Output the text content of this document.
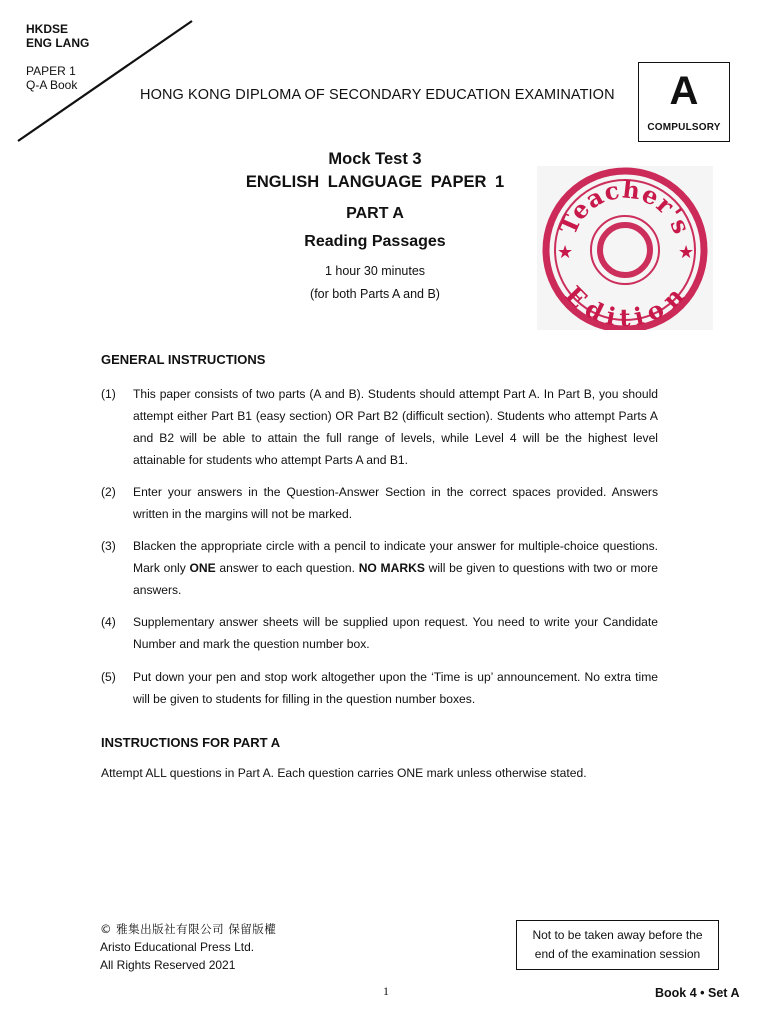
HKDSE
ENG LANG
PAPER 1
Q-A Book
HONG KONG DIPLOMA OF SECONDARY EDUCATION EXAMINATION	A
COMPULSORY
Mock Test 3
ENGLISH LANGUAGE PAPER 1
PART A
Reading Passages
1 hour 30 minutes
(for both Parts A and B)
Teacher's
Edition
★	★
GENERAL INSTRUCTIONS
(1) This paper consists of two parts (A and B). Students should attempt Part A. In Part B, you should attempt either Part B1 (easy section) OR Part B2 (difficult section). Students who attempt Parts A and B2 will be able to attain the full range of levels, while Level 4 will be the highest level attainable for students who attempt Parts A and B1.
(2) Enter your answers in the Question-Answer Section in the correct spaces provided. Answers written in the margins will not be marked.
(3) Blacken the appropriate circle with a pencil to indicate your answer for multiple-choice questions. Mark only ONE answer to each question. NO MARKS will be given to questions with two or more answers.
(4) Supplementary answer sheets will be supplied upon request. You need to write your Candidate Number and mark the question number box.
(5) Put down your pen and stop work altogether upon the ‘Time is up’ announcement. No extra time will be given to students for filling in the question number boxes.
INSTRUCTIONS FOR PART A
Attempt ALL questions in Part A. Each question carries ONE mark unless otherwise stated.
© 雅集出版社有限公司 保留版權
Aristo Educational Press Ltd.
All Rights Reserved 2021
Not to be taken away before the
end of the examination session
1	Book 4 • Set A
